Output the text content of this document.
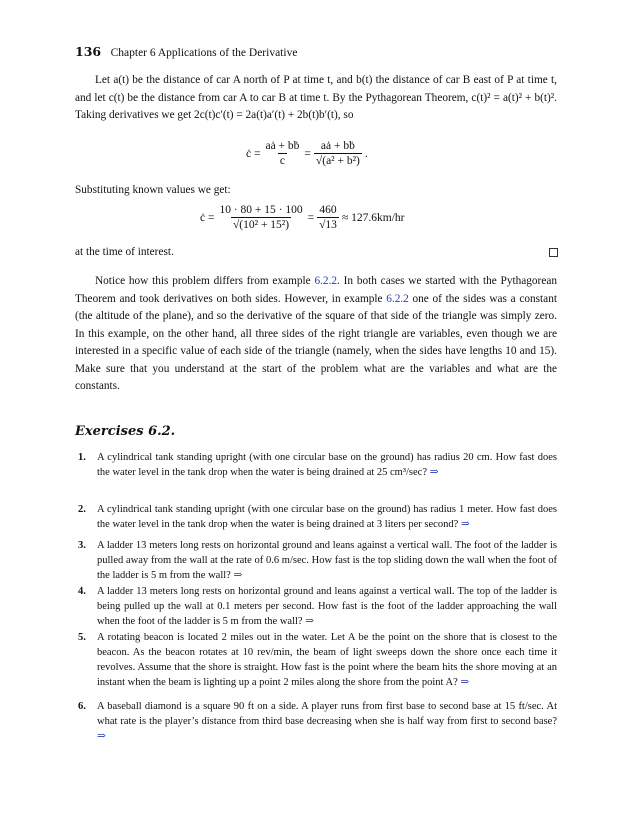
136 Chapter 6 Applications of the Derivative
Let a(t) be the distance of car A north of P at time t, and b(t) the distance of car B east of P at time t, and let c(t) be the distance from car A to car B at time t. By the Pythagorean Theorem, c(t)² = a(t)² + b(t)². Taking derivatives we get 2c(t)c′(t) = 2a(t)a′(t) + 2b(t)b′(t), so
ċ = $\frac{\text{aȧ + bḃ}}{c} = \frac{\text{aȧ + bḃ}}{\text{√(a² + b²)}}$ .
Substituting known values we get:
ċ = $\frac{10 \cdot 80 + 15 \cdot 100}{\text{√(10² + 15²)}} = \frac{460}{√13} \approx 127.6km/hr$
at the time of interest.
Notice how this problem differs from example 6.2.2. In both cases we started with the Pythagorean Theorem and took derivatives on both sides. However, in example 6.2.2 one of the sides was a constant (the altitude of the plane), and so the derivative of the square of that side of the triangle was simply zero. In this example, on the other hand, all three sides of the right triangle are variables, even though we are interested in a specific value of each side of the triangle (namely, when the sides have lengths 10 and 15). Make sure that you understand at the start of the problem what are the variables and what are the constants.
Exercises 6.2.
1. A cylindrical tank standing upright (with one circular base on the ground) has radius 20 cm. How fast does the water level in the tank drop when the water is being drained at 25 cm³/sec? ⇒
2. A cylindrical tank standing upright (with one circular base on the ground) has radius 1 meter. How fast does the water level in the tank drop when the water is being drained at 3 liters per second? ⇒
3. A ladder 13 meters long rests on horizontal ground and leans against a vertical wall. The foot of the ladder is pulled away from the wall at the rate of 0.6 m/sec. How fast is the top sliding down the wall when the foot of the ladder is 5 m from the wall? ⇒
4. A ladder 13 meters long rests on horizontal ground and leans against a vertical wall. The top of the ladder is being pulled up the wall at 0.1 meters per second. How fast is the foot of the ladder approaching the wall when the foot of the ladder is 5 m from the wall? ⇒
5. A rotating beacon is located 2 miles out in the water. Let A be the point on the shore that is closest to the beacon. As the beacon rotates at 10 rev/min, the beam of light sweeps down the shore once each time it revolves. Assume that the shore is straight. How fast is the point where the beam hits the shore moving at an instant when the beam is lighting up a point 2 miles along the shore from the point A? ⇒
6. A baseball diamond is a square 90 ft on a side. A player runs from first base to second base at 15 ft/sec. At what rate is the player’s distance from third base decreasing when she is half way from first to second base? ⇒
